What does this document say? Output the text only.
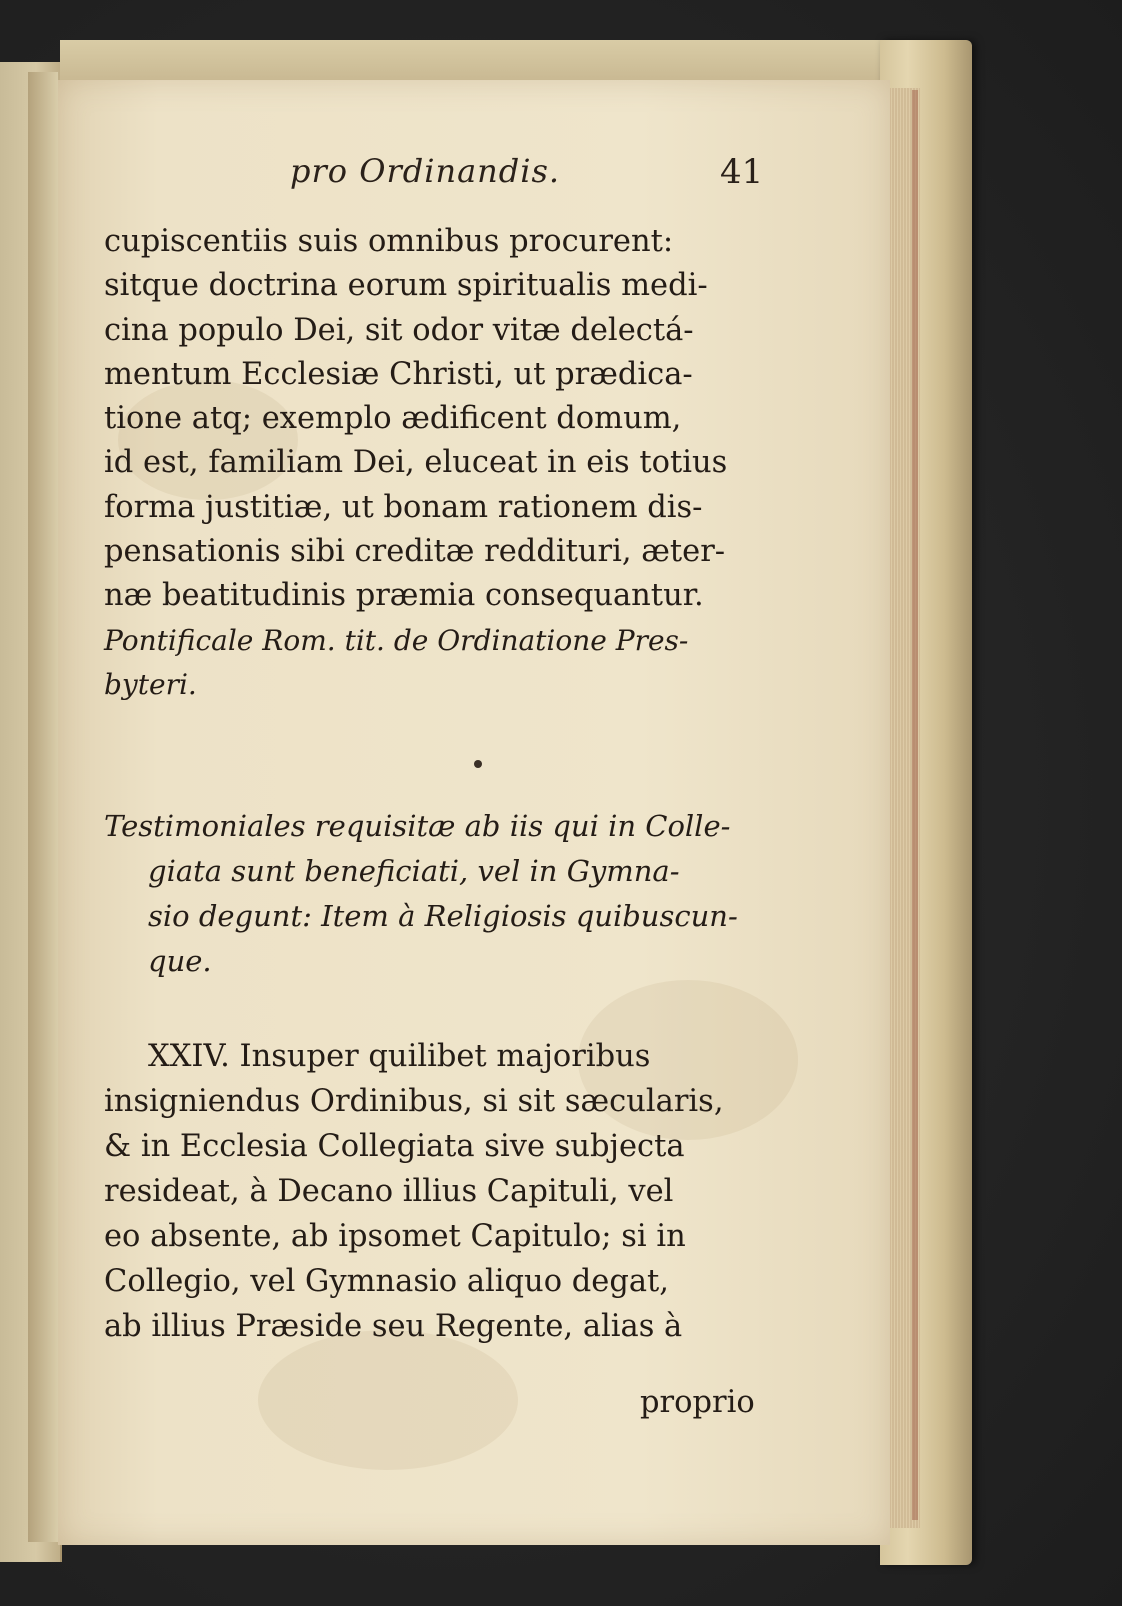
pro Ordinandis.	41
cupiscentiis suis omnibus procurent:
sitque doctrina eorum spiritualis medi-
cina populo Dei, sit odor vitæ delectá-
mentum Ecclesiæ Christi, ut prædica-
tione atq; exemplo ædificent domum,
id est, familiam Dei, eluceat in eis totius
forma justitiæ, ut bonam rationem dis-
pensationis sibi creditæ reddituri, æter-
næ beatitudinis præmia consequantur.
Pontificale Rom. tit. de Ordinatione Pres-
byteri.
Testimoniales requisitæ ab iis qui in Colle-
giata sunt beneficiati, vel in Gymna-
sio degunt: Item à Religiosis quibuscun-
que.
XXIV. Insuper quilibet majoribus
insigniendus Ordinibus, si sit sæcularis,
& in Ecclesia Collegiata sive subjecta
resideat, à Decano illius Capituli, vel
eo absente, ab ipsomet Capitulo; si in
Collegio, vel Gymnasio aliquo degat,
ab illius Præside seu Regente, alias à
proprio
